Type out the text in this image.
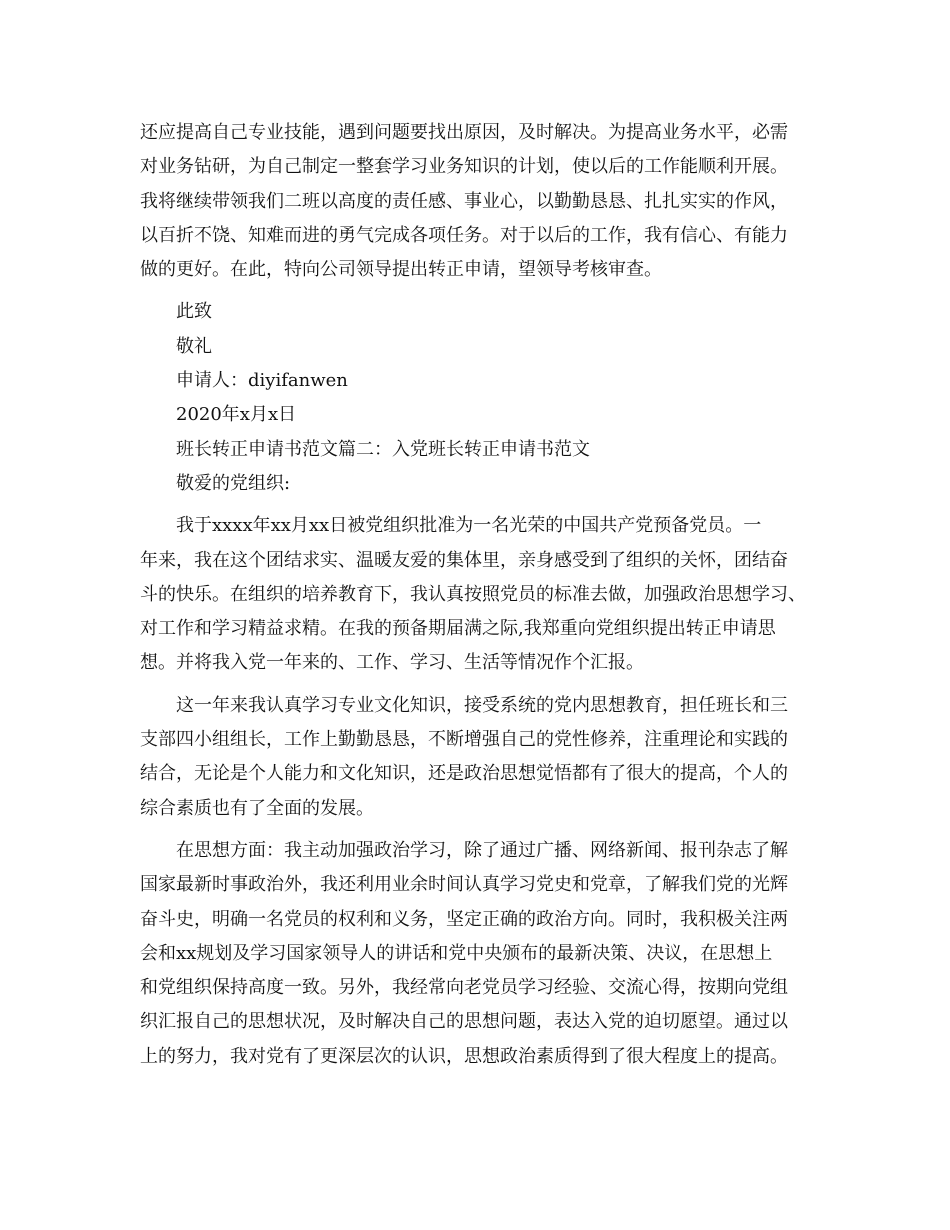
还应提高自己专业技能，遇到问题要找出原因，及时解决。为提高业务水平，必需
对业务钻研，为自己制定一整套学习业务知识的计划，使以后的工作能顺利开展。
我将继续带领我们二班以高度的责任感、事业心，以勤勤恳恳、扎扎实实的作风，
以百折不饶、知难而进的勇气完成各项任务。对于以后的工作，我有信心、有能力
做的更好。在此，特向公司领导提出转正申请，望领导考核审查。
此致
敬礼
申请人：diyifanwen
2020年x月x日
班长转正申请书范文篇二：入党班长转正申请书范文
敬爱的党组织:
我于xxxx年xx月xx日被党组织批准为一名光荣的中国共产党预备党员。一
年来，我在这个团结求实、温暖友爱的集体里，亲身感受到了组织的关怀，团结奋
斗的快乐。在组织的培养教育下，我认真按照党员的标准去做，加强政治思想学习、
对工作和学习精益求精。在我的预备期届满之际,我郑重向党组织提出转正申请思
想。并将我入党一年来的、工作、学习、生活等情况作个汇报。
这一年来我认真学习专业文化知识，接受系统的党内思想教育，担任班长和三
支部四小组组长，工作上勤勤恳恳，不断增强自己的党性修养，注重理论和实践的
结合，无论是个人能力和文化知识，还是政治思想觉悟都有了很大的提高，个人的
综合素质也有了全面的发展。
在思想方面：我主动加强政治学习，除了通过广播、网络新闻、报刊杂志了解
国家最新时事政治外，我还利用业余时间认真学习党史和党章，了解我们党的光辉
奋斗史，明确一名党员的权利和义务，坚定正确的政治方向。同时，我积极关注两
会和xx规划及学习国家领导人的讲话和党中央颁布的最新决策、决议，在思想上
和党组织保持高度一致。另外，我经常向老党员学习经验、交流心得，按期向党组
织汇报自己的思想状况，及时解决自己的思想问题，表达入党的迫切愿望。通过以
上的努力，我对党有了更深层次的认识，思想政治素质得到了很大程度上的提高。
